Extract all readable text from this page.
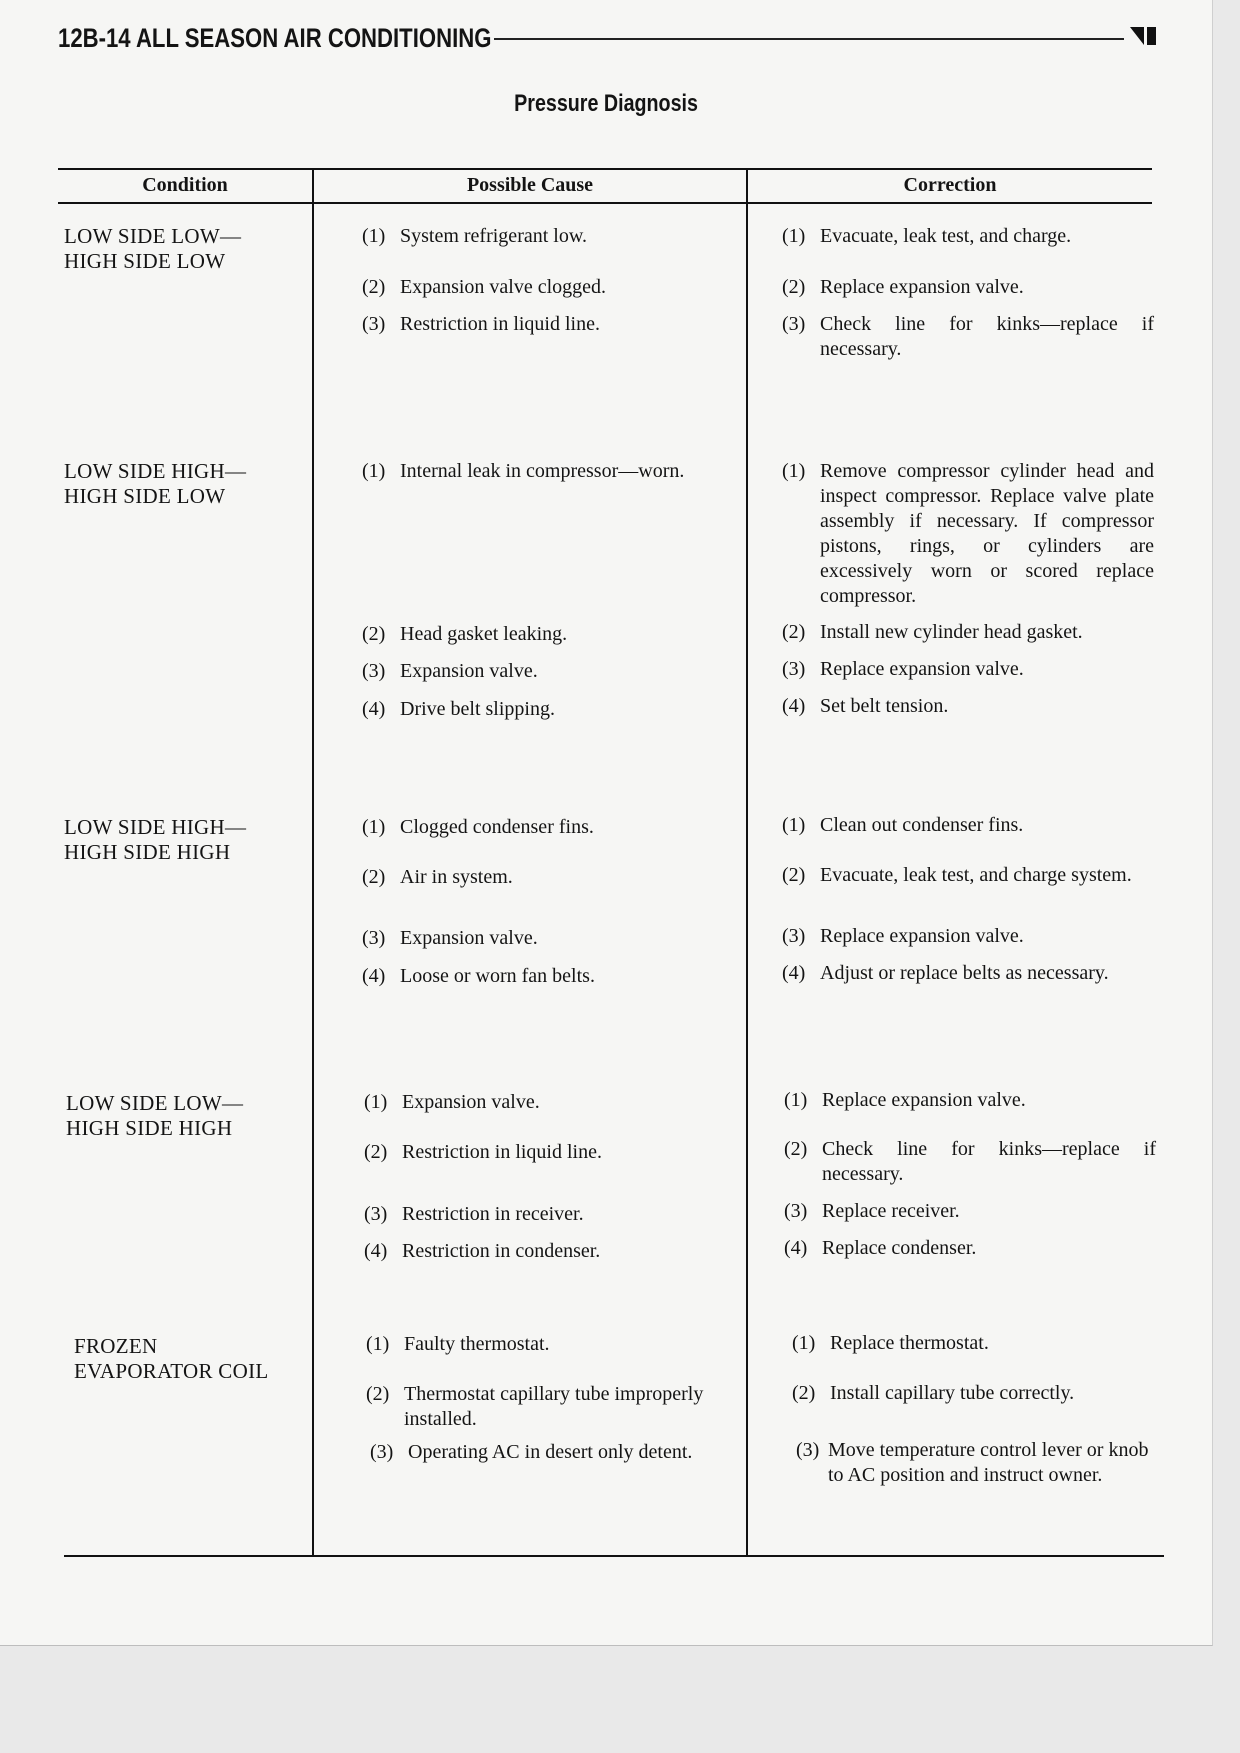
12B-14 ALL SEASON AIR CONDITIONING
Pressure Diagnosis
Condition	Possible Cause	Correction
LOW SIDE LOW—
HIGH SIDE LOW
(1) System refrigerant low.
(2) Expansion valve clogged.
(3) Restriction in liquid line.
(1) Evacuate, leak test, and charge.
(2) Replace expansion valve.
(3) Check line for kinks—replace if necessary.
LOW SIDE HIGH—
HIGH SIDE LOW
(1) Internal leak in compressor—worn.
(2) Head gasket leaking.
(3) Expansion valve.
(4) Drive belt slipping.
(1) Remove compressor cylinder head and inspect compressor. Replace valve plate assembly if necessary. If compressor pistons, rings, or cylinders are excessively worn or scored replace compressor.
(2) Install new cylinder head gasket.
(3) Replace expansion valve.
(4) Set belt tension.
LOW SIDE HIGH—
HIGH SIDE HIGH
(1) Clogged condenser fins.
(2) Air in system.
(3) Expansion valve.
(4) Loose or worn fan belts.
(1) Clean out condenser fins.
(2) Evacuate, leak test, and charge system.
(3) Replace expansion valve.
(4) Adjust or replace belts as necessary.
LOW SIDE LOW—
HIGH SIDE HIGH
(1) Expansion valve.
(2) Restriction in liquid line.
(3) Restriction in receiver.
(4) Restriction in condenser.
(1) Replace expansion valve.
(2) Check line for kinks—replace if necessary.
(3) Replace receiver.
(4) Replace condenser.
FROZEN
EVAPORATOR COIL
(1) Faulty thermostat.
(2) Thermostat capillary tube improperly installed.
(3) Operating AC in desert only detent.
(1) Replace thermostat.
(2) Install capillary tube correctly.
(3) Move temperature control lever or knob to AC position and instruct owner.
